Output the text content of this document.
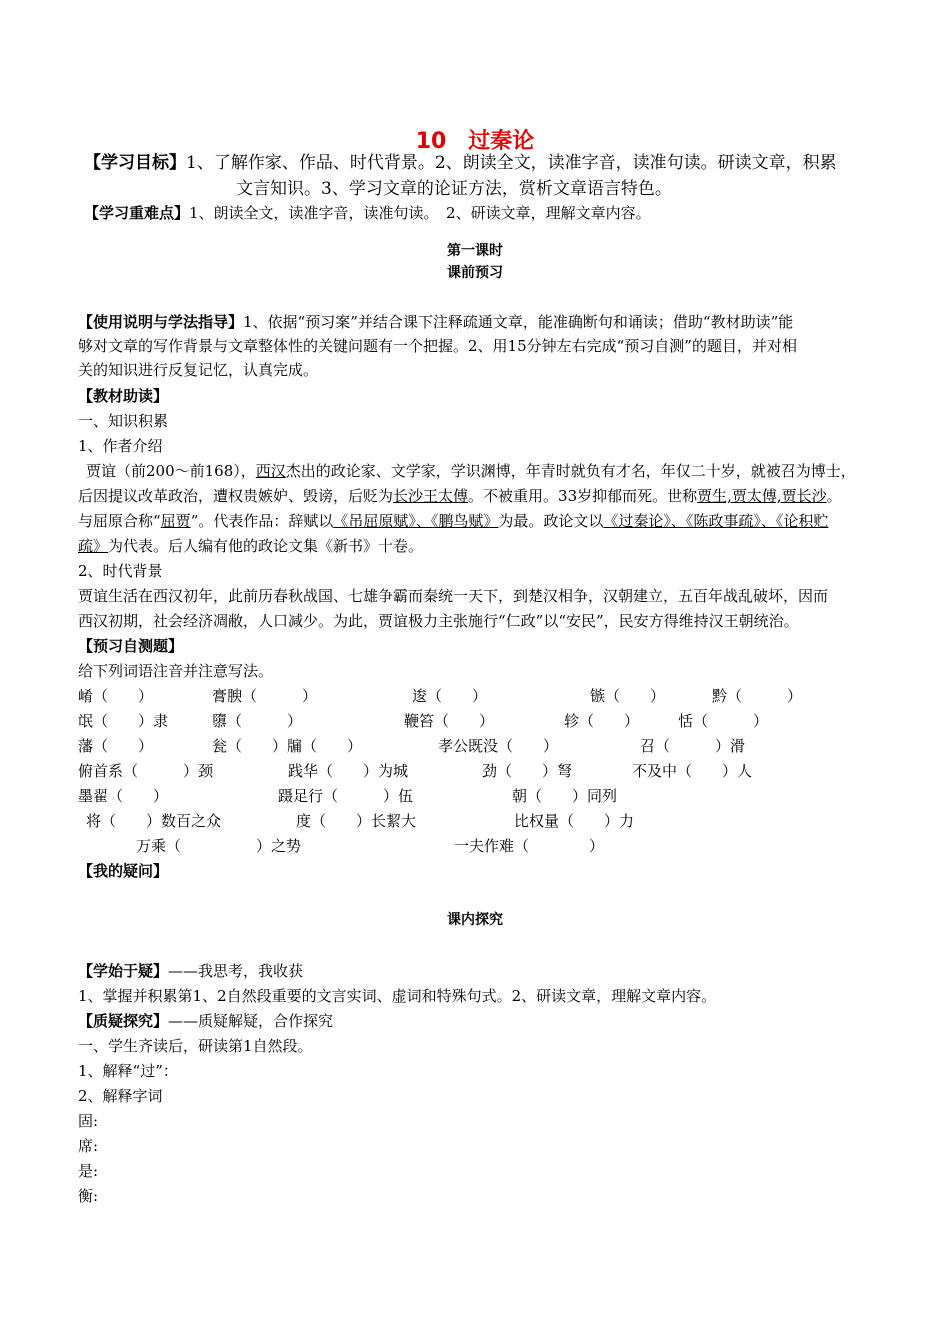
10　过秦论
【学习目标】1、了解作家、作品、时代背景。2、朗读全文，读准字音，读准句读。研读文章，积累
文言知识。3、学习文章的论证方法，赏析文章语言特色。
【学习重难点】1、朗读全文，读准字音，读准句读。　2、研读文章，理解文章内容。
第一课时
课前预习
【使用说明与学法指导】1、依据“预习案”并结合课下注释疏通文章，能准确断句和诵读；借助“教材助读”能
够对文章的写作背景与文章整体性的关键问题有一个把握。2、用15分钟左右完成“预习自测”的题目，并对相
关的知识进行反复记忆，认真完成。
【教材助读】
一、知识积累
1、作者介绍
贾谊（前200～前168），西汉杰出的政论家、文学家，学识渊博，年青时就负有才名，年仅二十岁，就被召为博士，
后因提议改革政治，遭权贵嫉妒、毁谤，后贬为长沙王太傅。不被重用。33岁抑郁而死。世称贾生,贾太傅,贾长沙。
与屈原合称“屈贾”。代表作品：辞赋以《吊屈原赋》、《鹏鸟赋》为最。政论文以《过秦论》、《陈政事疏》、《论积贮
疏》为代表。后人编有他的政论文集《新书》十卷。
2、时代背景
贾谊生活在西汉初年，此前历春秋战国、七雄争霸而秦统一天下，到楚汉相争，汉朝建立，五百年战乱破坏，因而
西汉初期，社会经济凋敝，人口减少。为此，贾谊极力主张施行“仁政”以“安民”，民安方得维持汉王朝统治。
【预习自测题】
给下列词语注音并注意写法。
崤（　　）	膏腴（　　　）	逡（　　）	镞（　　）	黔（　　　）
氓（　　）隶	隳（　　　）	鞭笞（　　）	轸（　　）	恬（　　　）
藩（　　）	瓮（　　）牖（　　）	孝公既没（　　）	召（　　　）滑
俯首系（　　　）颈	践华（　　）为城	劲（　　）弩	不及中（　　）人
墨翟（　　）	蹑足行（　　　）伍	朝（　　）同列
将（　　）数百之众	度（　　）长絜大	比权量（　　）力
万乘（　　　　　）之势	一夫作难（　　　　）
【我的疑问】
课内探究
【学始于疑】——我思考，我收获
1、掌握并积累第1、2自然段重要的文言实词、虚词和特殊句式。2、研读文章，理解文章内容。
【质疑探究】——质疑解疑，合作探究
一、学生齐读后，研读第1自然段。
1、解释“过”：
2、解释字词
固:
席:
是:
衡:
